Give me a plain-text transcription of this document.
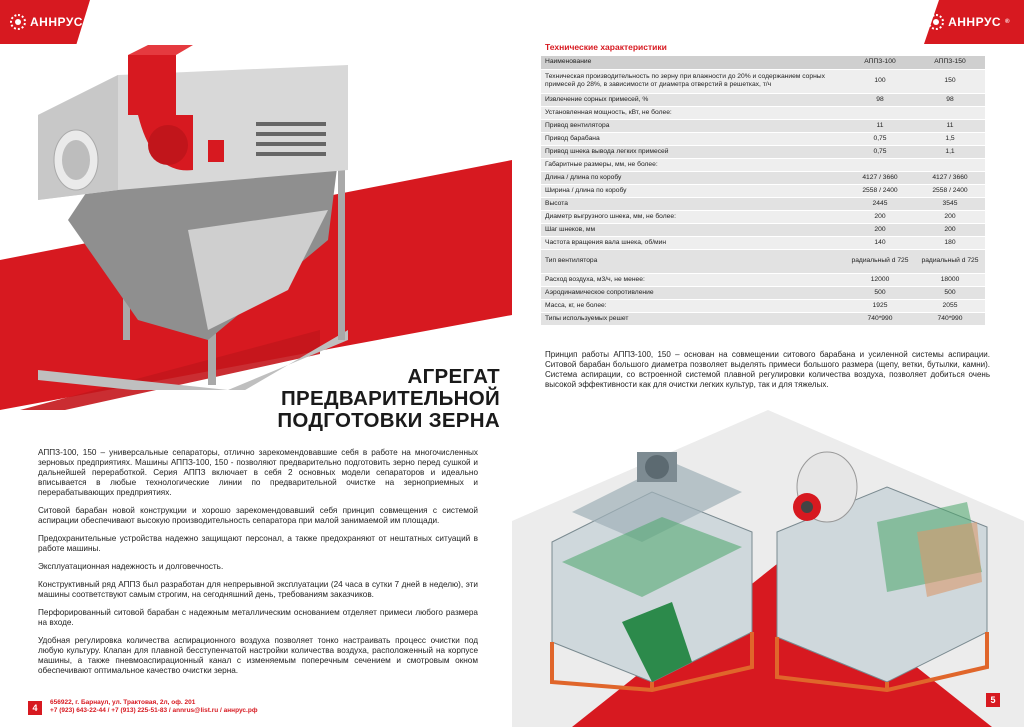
АННРУС ®
АГРЕГАТ
ПРЕДВАРИТЕЛЬНОЙ
ПОДГОТОВКИ ЗЕРНА

АППЗ-100, 150 – универсальные сепараторы, отлично зарекомендовавшие себя в работе на многочисленных зерновых предприятиях. Машины АППЗ-100, 150 - позволяют предварительно подготовить зерно перед сушкой и дальнейшей переработкой. Серия АППЗ включает в себя 2 основных модели сепараторов и идеально вписывается в любые технологические линии по предварительной очистке на зерноприемных и перерабатывающих предприятиях.

Ситовой барабан новой конструкции и хорошо зарекомендовавший себя принцип совмещения с системой аспирации обеспечивают высокую производительность сепаратора при малой занимаемой им площади.

Предохранительные устройства надежно защищают персонал, а также предохраняют от нештатных ситуаций в работе машины.

Эксплуатационная надежность и долговечность.

Конструктивный ряд АППЗ был разработан для непрерывной эксплуатации (24 часа в сутки 7 дней в неделю), эти машины соответствуют самым строгим, на сегодняшний день, требованиям заказчиков.

Перфорированный ситовой барабан с надежным металлическим основанием отделяет примеси любого размера на входе.

Удобная регулировка количества аспирационного воздуха позволяет тонко настраивать процесс очистки под любую культуру. Клапан для плавной бесступенчатой настройки количества воздуха, расположенный на корпусе машины, а также пневмоаспирационный канал с изменяемым поперечным сечением и смотровым окном обеспечивают оптимальное качество очистки зерна.

4
656922, г. Барнаул, ул. Трактовая, 2л, оф. 201
+7 (923) 643-22-44 / +7 (913) 225-51-83 / annrus@list.ru / аннрус.рф
АННРУС ®
Технические характеристики
Наименование	АППЗ-100	АППЗ-150
Техническая производительность по зерну при влажности до 20% и содержанием сорных примесей до 28%, в зависимости от диаметра отверстий в решетках, т/ч	100	150
Извлечение сорных примесей, %	98	98
Установленная мощность, кВт, не более:		
Привод вентилятора	11	11
Привод барабана	0,75	1,5
Привод шнека вывода легких примесей	0,75	1,1
Габаритные размеры, мм, не более:		
Длина / длина по коробу	4127 / 3660	4127 / 3660
Ширина / длина по коробу	2558 / 2400	2558 / 2400
Высота	2445	3545
Диаметр выгрузного шнека, мм, не более:	200	200
Шаг шнеков, мм	200	200
Частота вращения вала шнека, об/мин	140	180
Тип вентилятора	радиальный d 725	радиальный d 725
Расход воздуха, м3/ч, не менее:	12000	18000
Аэродинамическое сопротивление	500	500
Масса, кг, не более:	1925	2055
Типы используемых решет	740*990	740*990
Принцип работы АППЗ-100, 150 – основан на совмещении ситового барабана и усиленной системы аспирации. Ситовой барабан большого диаметра позволяет выделять примеси большого размера (щепу, ветки, бутылки, камни). Система аспирации, со встроенной системой плавной регулировки количества воздуха, позволяет добиться очень высокой эффективности как для очистки легких культур, так и для тяжелых.
5
